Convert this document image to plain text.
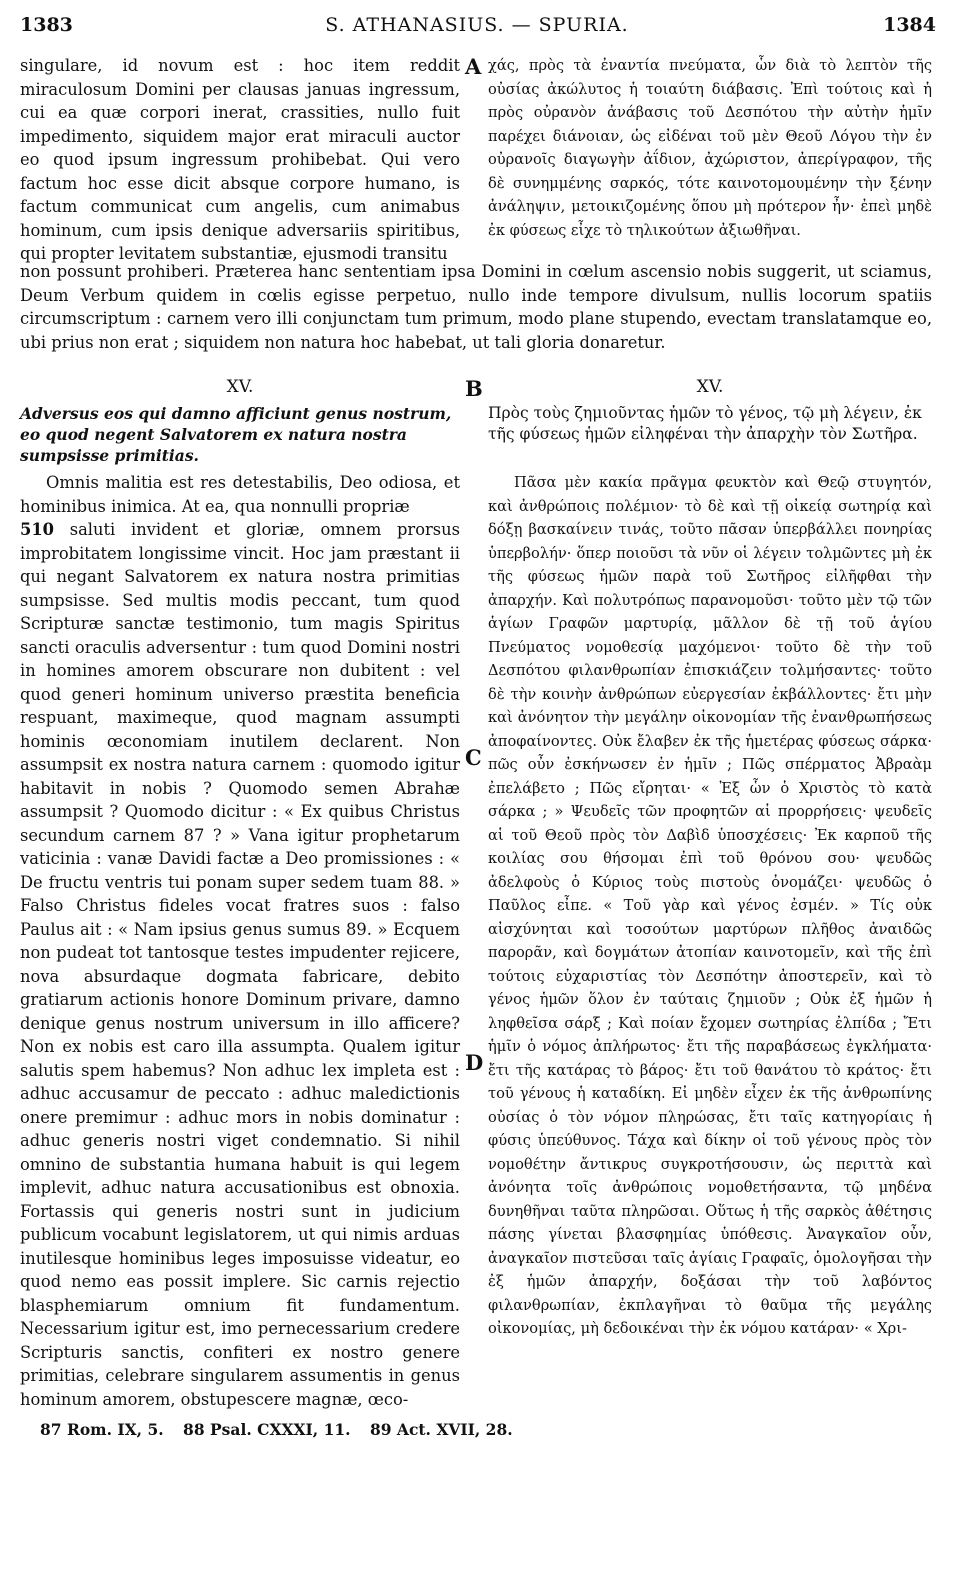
1383	S. ATHANASIUS. — SPURIA.	1384

singulare, id novum est : hoc item reddit miraculosum Domini per clausas januas ingressum, cui ea quæ corpori inerat, crassities, nullo fuit impedimento, siquidem major erat miraculi auctor eo quod ipsum ingressum prohibebat. Qui vero factum hoc esse dicit absque corpore humano, is factum communicat cum angelis, cum animabus hominum, cum ipsis denique adversariis spiritibus, qui propter levitatem substantiæ, ejusmodi transitu

A χάς, πρὸς τὰ ἐναντία πνεύματα, ὧν διὰ τὸ λεπτὸν τῆς οὐσίας ἀκώλυτος ἡ τοιαύτη διάβασις. Ἐπὶ τούτοις καὶ ἡ πρὸς οὐρανὸν ἀνάβασις τοῦ Δεσπότου τὴν αὐτὴν ἡμῖν παρέχει διάνοιαν, ὡς εἰδέναι τοῦ μὲν Θεοῦ Λόγου τὴν ἐν οὐρανοῖς διαγωγὴν ἀΐδιον, ἀχώριστον, ἀπερίγραφον, τῆς δὲ συνημμένης σαρκός, τότε καινοτομουμένην τὴν ξένην ἀνάληψιν, μετοικιζομένης ὅπου μὴ πρότερον ἦν· ἐπεὶ μηδὲ ἐκ φύσεως εἶχε τὸ τηλικούτων ἀξιωθῆναι.

non possunt prohiberi. Præterea hanc sententiam ipsa Domini in cœlum ascensio nobis suggerit, ut sciamus, Deum Verbum quidem in cœlis egisse perpetuo, nullo inde tempore divulsum, nullis locorum spatiis circumscriptum : carnem vero illi conjunctam tum primum, modo plane stupendo, evectam translatamque eo, ubi prius non erat ; siquidem non natura hoc habebat, ut tali gloria donaretur.

XV.	B	XV.

Adversus eos qui damno afficiunt genus nostrum, eo quod negent Salvatorem ex natura nostra sumpsisse primitias.

Πρὸς τοὺς ζημιοῦντας ἡμῶν τὸ γένος, τῷ μὴ λέγειν, ἐκ τῆς φύσεως ἡμῶν εἰληφέναι τὴν ἀπαρχὴν τὸν Σωτῆρα.

Omnis malitia est res detestabilis, Deo odiosa, et hominibus inimica. At ea, qua nonnulli propriæ
510 saluti invident et gloriæ, omnem prorsus improbitatem longissime vincit. Hoc jam præstant ii qui negant Salvatorem ex natura nostra primitias sumpsisse. Sed multis modis peccant, tum quod Scripturæ sanctæ testimonio, tum magis Spiritus sancti oraculis adversentur : tum quod Domini nostri in homines amorem obscurare non dubitent : vel quod generi hominum universo præstita beneficia respuant, maximeque, quod magnam assumpti hominis œconomiam inutilem declarent. Non assumpsit ex nostra natura carnem : quomodo igitur habitavit in nobis ? Quomodo semen Abrahæ assumpsit ? Quomodo dicitur : « Ex quibus Christus secundum carnem 87 ? » Vana igitur prophetarum vaticinia : vanæ Davidi factæ a Deo promissiones : « De fructu ventris tui ponam super sedem tuam 88. » Falso Christus fideles vocat fratres suos : falso Paulus ait : « Nam ipsius genus sumus 89. » Ecquem non pudeat tot tantosque testes impudenter rejicere, nova absurdaque dogmata fabricare, debito gratiarum actionis honore Dominum privare, damno denique genus nostrum universum in illo afficere? Non ex nobis est caro illa assumpta. Qualem igitur salutis spem habemus? Non adhuc lex impleta est : adhuc accusamur de peccato : adhuc maledictionis onere premimur : adhuc mors in nobis dominatur : adhuc generis nostri viget condemnatio. Si nihil omnino de substantia humana habuit is qui legem implevit, adhuc natura accusationibus est obnoxia. Fortassis qui generis nostri sunt in judicium publicum vocabunt legislatorem, ut qui nimis arduas inutilesque hominibus leges imposuisse videatur, eo quod nemo eas possit implere. Sic carnis rejectio blasphemiarum omnium fit fundamentum. Necessarium igitur est, imo pernecessarium credere Scripturis sanctis, confiteri ex nostro genere primitias, celebrare singularem assumentis in genus hominum amorem, obstupescere magnæ, œco-

C
D

Πᾶσα μὲν κακία πρᾶγμα φευκτὸν καὶ Θεῷ στυγητόν, καὶ ἀνθρώποις πολέμιον· τὸ δὲ καὶ τῇ οἰκείᾳ σωτηρίᾳ καὶ δόξῃ βασκαίνειν τινάς, τοῦτο πᾶσαν ὑπερβάλλει πονηρίας ὑπερβολήν· ὅπερ ποιοῦσι τὰ νῦν οἱ λέγειν τολμῶντες μὴ ἐκ τῆς φύσεως ἡμῶν παρὰ τοῦ Σωτῆρος εἰλῆφθαι τὴν ἀπαρχήν. Καὶ πολυτρόπως παρανομοῦσι· τοῦτο μὲν τῷ τῶν ἁγίων Γραφῶν μαρτυρίᾳ, μᾶλλον δὲ τῇ τοῦ ἁγίου Πνεύματος νομοθεσίᾳ μαχόμενοι· τοῦτο δὲ τὴν τοῦ Δεσπότου φιλανθρωπίαν ἐπισκιάζειν τολμήσαντες· τοῦτο δὲ τὴν κοινὴν ἀνθρώπων εὐεργεσίαν ἐκβάλλοντες· ἔτι μὴν καὶ ἀνόνητον τὴν μεγάλην οἰκονομίαν τῆς ἐνανθρωπήσεως ἀποφαίνοντες. Οὐκ ἔλαβεν ἐκ τῆς ἡμετέρας φύσεως σάρκα· πῶς οὖν ἐσκήνωσεν ἐν ἡμῖν ; Πῶς σπέρματος Ἀβραὰμ ἐπελάβετο ; Πῶς εἴρηται· « Ἐξ ὧν ὁ Χριστὸς τὸ κατὰ σάρκα ; » Ψευδεῖς τῶν προφητῶν αἱ προρρήσεις· ψευδεῖς αἱ τοῦ Θεοῦ πρὸς τὸν Δαβὶδ ὑποσχέσεις· Ἐκ καρποῦ τῆς κοιλίας σου θήσομαι ἐπὶ τοῦ θρόνου σου· ψευδῶς ἀδελφοὺς ὁ Κύριος τοὺς πιστοὺς ὀνομάζει· ψευδῶς ὁ Παῦλος εἶπε. « Τοῦ γὰρ καὶ γένος ἐσμέν. » Τίς οὐκ αἰσχύνηται καὶ τοσούτων μαρτύρων πλῆθος ἀναιδῶς παρορᾶν, καὶ δογμάτων ἀτοπίαν καινοτομεῖν, καὶ τῆς ἐπὶ τούτοις εὐχαριστίας τὸν Δεσπότην ἀποστερεῖν, καὶ τὸ γένος ἡμῶν ὅλον ἐν ταύταις ζημιοῦν ; Οὐκ ἐξ ἡμῶν ἡ ληφθεῖσα σάρξ ; Καὶ ποίαν ἔχομεν σωτηρίας ἐλπίδα ; Ἔτι ἡμῖν ὁ νόμος ἀπλήρωτος· ἔτι τῆς παραβάσεως ἐγκλήματα· ἔτι τῆς κατάρας τὸ βάρος· ἔτι τοῦ θανάτου τὸ κράτος· ἔτι τοῦ γένους ἡ καταδίκη. Εἰ μηδὲν εἶχεν ἐκ τῆς ἀνθρωπίνης οὐσίας ὁ τὸν νόμον πληρώσας, ἔτι ταῖς κατηγορίαις ἡ φύσις ὑπεύθυνος. Τάχα καὶ δίκην οἱ τοῦ γένους πρὸς τὸν νομοθέτην ἄντικρυς συγκροτήσουσιν, ὡς περιττὰ καὶ ἀνόνητα τοῖς ἀνθρώποις νομοθετήσαντα, τῷ μηδένα δυνηθῆναι ταῦτα πληρῶσαι. Οὕτως ἡ τῆς σαρκὸς ἀθέτησις πάσης γίνεται βλασφημίας ὑπόθεσις. Ἀναγκαῖον οὖν, ἀναγκαῖον πιστεῦσαι ταῖς ἁγίαις Γραφαῖς, ὁμολογῆσαι τὴν ἐξ ἡμῶν ἀπαρχήν, δοξάσαι τὴν τοῦ λαβόντος φιλανθρωπίαν, ἐκπλαγῆναι τὸ θαῦμα τῆς μεγάλης οἰκονομίας, μὴ δεδοικέναι τὴν ἐκ νόμου κατάραν· « Χρι-

87 Rom. IX, 5. 88 Psal. CXXXI, 11. 89 Act. XVII, 28.
